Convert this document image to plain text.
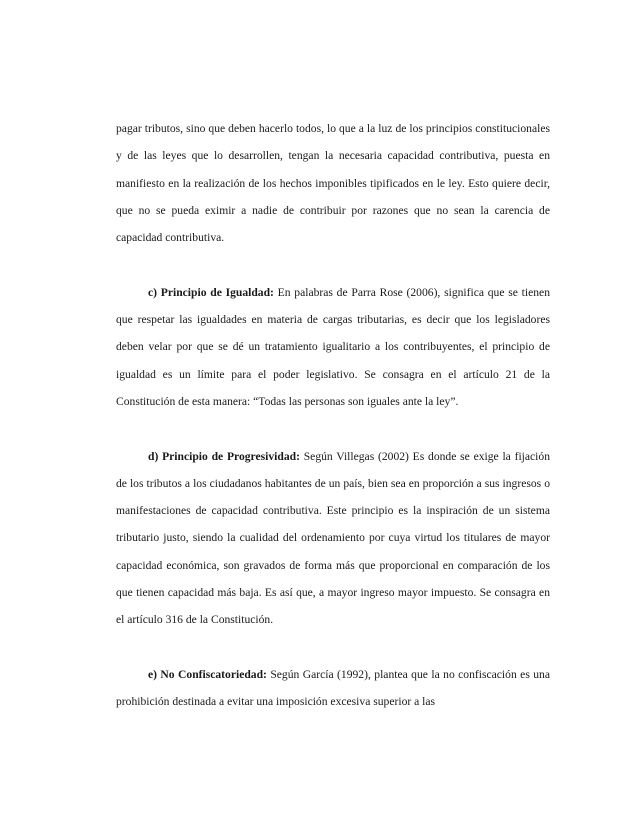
pagar tributos, sino que deben hacerlo todos, lo que a la luz de los principios constitucionales y de las leyes que lo desarrollen, tengan la necesaria capacidad contributiva, puesta en manifiesto en la realización de los hechos imponibles tipificados en le ley. Esto quiere decir, que no se pueda eximir a nadie de contribuir por razones que no sean la carencia de capacidad contributiva.

c) Principio de Igualdad: En palabras de Parra Rose (2006), significa que se tienen que respetar las igualdades en materia de cargas tributarias, es decir que los legisladores deben velar por que se dé un tratamiento igualitario a los contribuyentes, el principio de igualdad es un límite para el poder legislativo. Se consagra en el artículo 21 de la Constitución de esta manera: “Todas las personas son iguales ante la ley”.

d) Principio de Progresividad: Según Villegas (2002) Es donde se exige la fijación de los tributos a los ciudadanos habitantes de un país, bien sea en proporción a sus ingresos o manifestaciones de capacidad contributiva. Este principio es la inspiración de un sistema tributario justo, siendo la cualidad del ordenamiento por cuya virtud los titulares de mayor capacidad económica, son gravados de forma más que proporcional en comparación de los que tienen capacidad más baja. Es así que, a mayor ingreso mayor impuesto. Se consagra en el artículo 316 de la Constitución.

e) No Confiscatoriedad: Según García (1992), plantea que la no confiscación es una prohibición destinada a evitar una imposición excesiva superior a las
